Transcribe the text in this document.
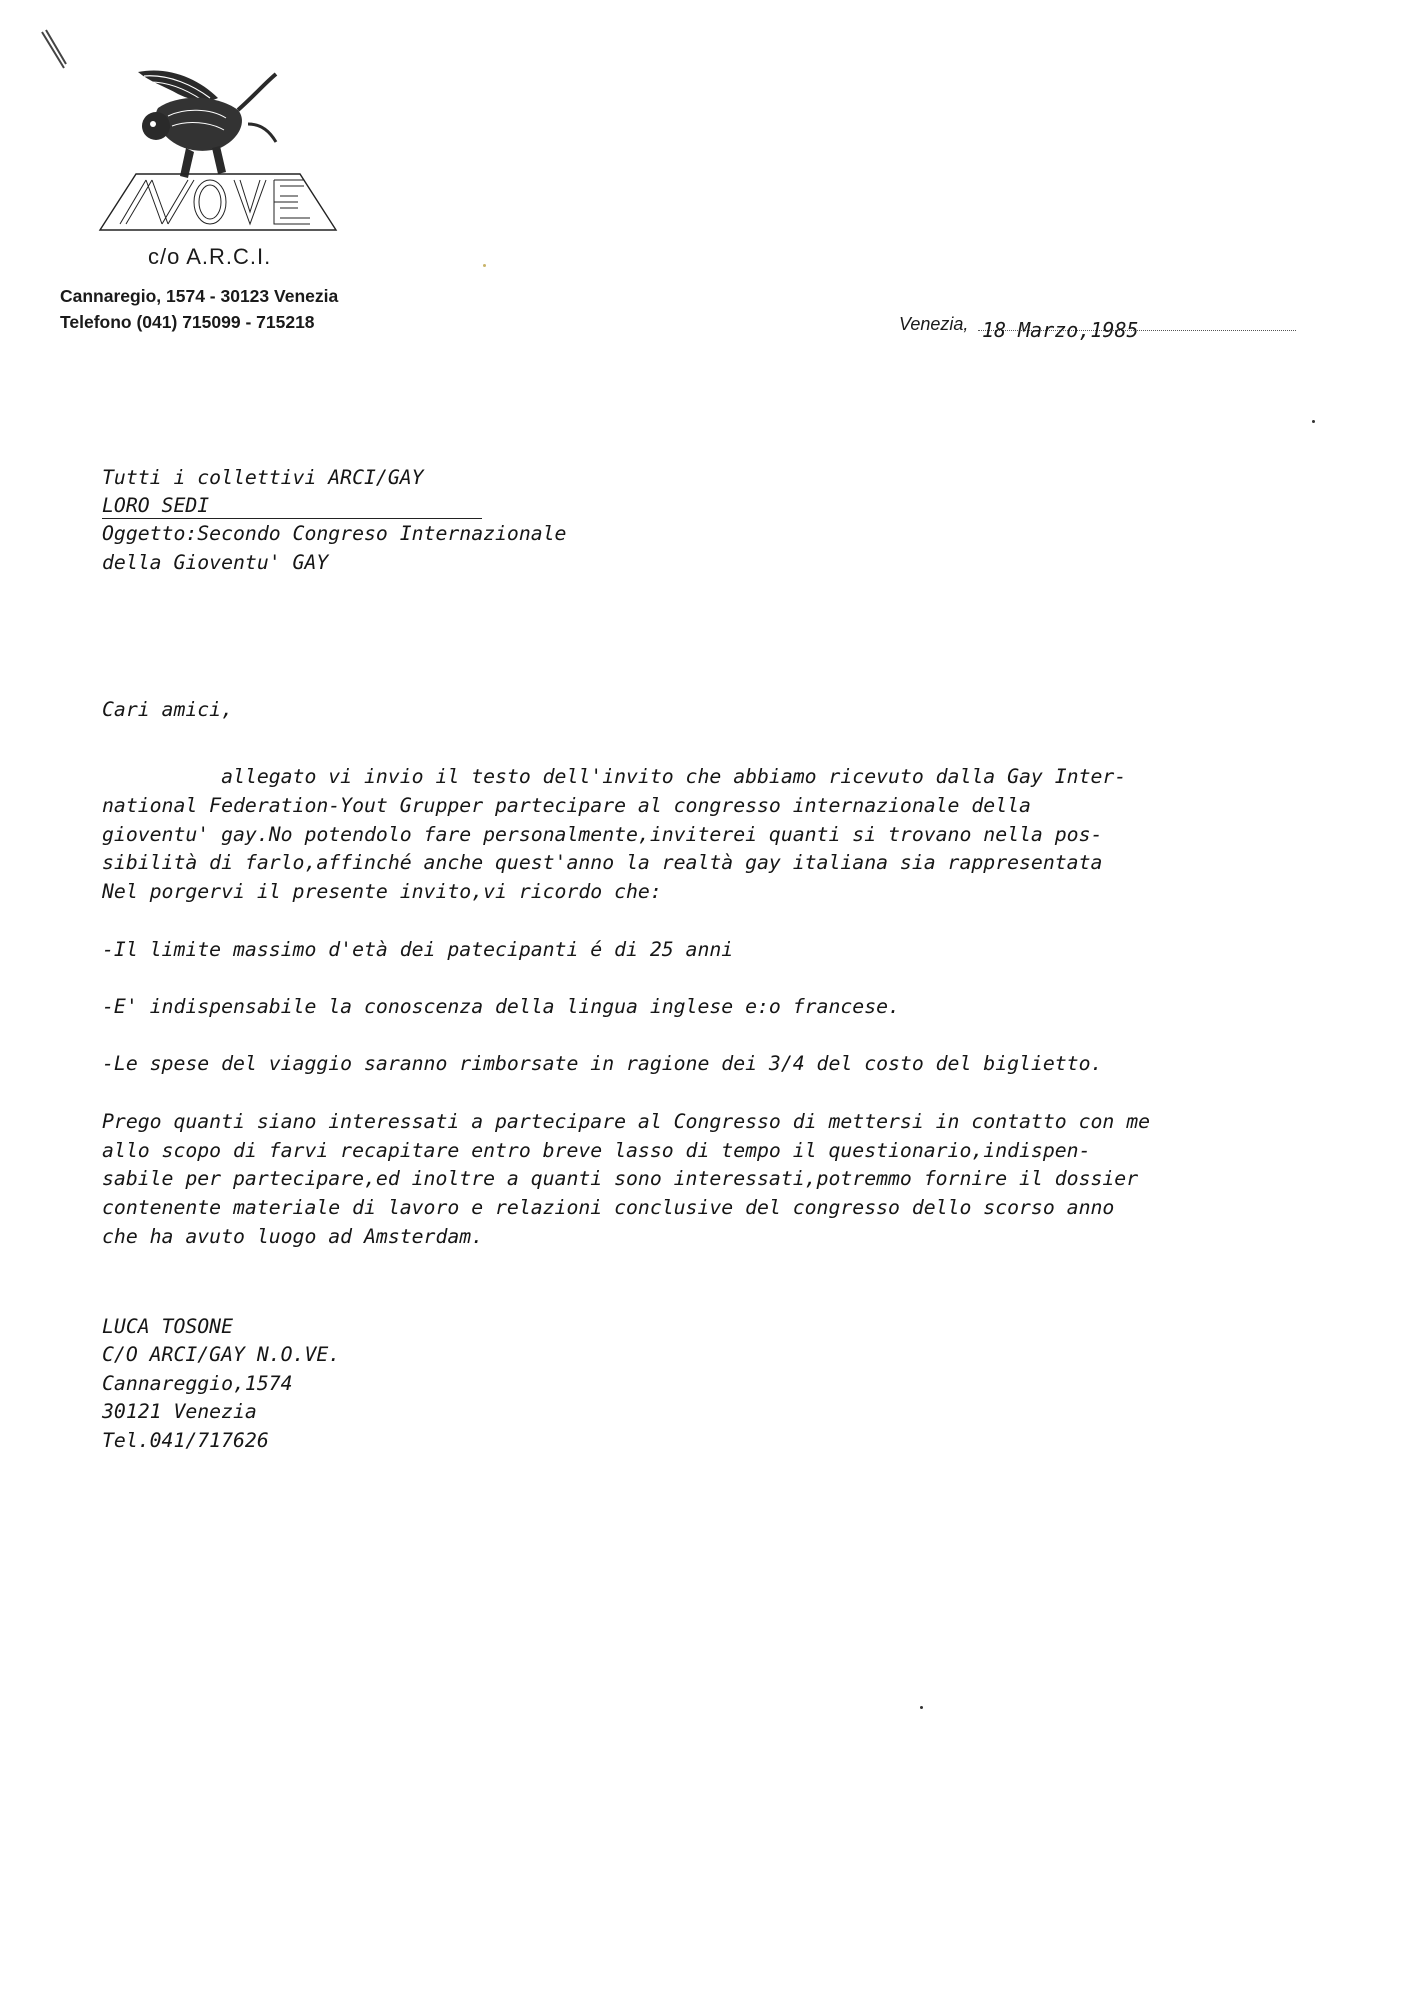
NOVE
c/o A.R.C.I.
Cannaregio, 1574 - 30123 Venezia
Telefono (041) 715099 - 715218	Venezia, 18 Marzo,1985
Tutti i collettivi ARCI/GAY
LORO SEDI
Oggetto:Secondo Congreso Internazionale
della Gioventu' GAY
Cari amici,
allegato vi invio il testo dell'invito che abbiamo ricevuto dalla Gay Inter-
national Federation-Yout Grupper partecipare al congresso internazionale della
gioventu' gay.No potendolo fare personalmente,inviterei quanti si trovano nella pos-
sibilità di farlo,affinché anche quest'anno la realtà gay italiana sia rappresentata
Nel porgervi il presente invito,vi ricordo che:
-Il limite massimo d'età dei patecipanti é di 25 anni
-E' indispensabile la conoscenza della lingua inglese e:o francese.
-Le spese del viaggio saranno rimborsate in ragione dei 3/4 del costo del biglietto.
Prego quanti siano interessati a partecipare al Congresso di mettersi in contatto con me
allo scopo di farvi recapitare entro breve lasso di tempo il questionario,indispen-
sabile per partecipare,ed inoltre a quanti sono interessati,potremmo fornire il dossier
contenente materiale di lavoro e relazioni conclusive del congresso dello scorso anno
che ha avuto luogo ad Amsterdam.
LUCA TOSONE
C/O ARCI/GAY N.O.VE.
Cannareggio,1574
30121 Venezia
Tel.041/717626
